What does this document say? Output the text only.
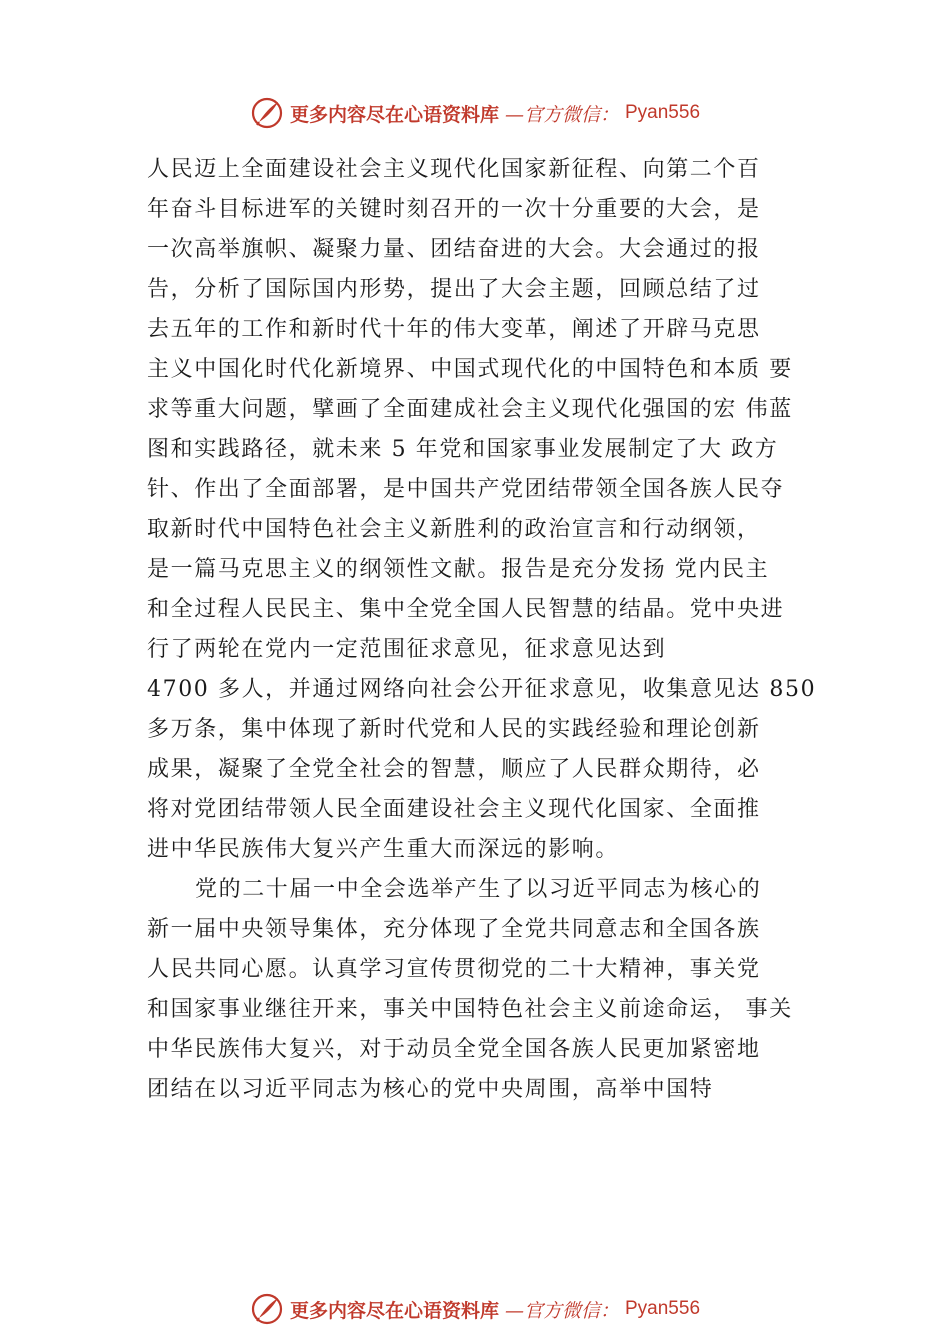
更多内容尽在心语资料库 —官方微信： Pyan556
人民迈上全面建设社会主义现代化国家新征程、向第二个百
年奋斗目标进军的关键时刻召开的一次十分重要的大会，是
一次高举旗帜、凝聚力量、团结奋进的大会。大会通过的报
告，分析了国际国内形势，提出了大会主题，回顾总结了过
去五年的工作和新时代十年的伟大变革，阐述了开辟马克思
主义中国化时代化新境界、中国式现代化的中国特色和本质 要
求等重大问题，擘画了全面建成社会主义现代化强国的宏 伟蓝
图和实践路径，就未来 5 年党和国家事业发展制定了大 政方
针、作出了全面部署，是中国共产党团结带领全国各族人民夺
取新时代中国特色社会主义新胜利的政治宣言和行动纲领，
是一篇马克思主义的纲领性文献。报告是充分发扬 党内民主
和全过程人民民主、集中全党全国人民智慧的结晶。党中央进
行了两轮在党内一定范围征求意见，征求意见达到
4700 多人，并通过网络向社会公开征求意见，收集意见达 850
多万条，集中体现了新时代党和人民的实践经验和理论创新
成果，凝聚了全党全社会的智慧，顺应了人民群众期待，必
将对党团结带领人民全面建设社会主义现代化国家、全面推
进中华民族伟大复兴产生重大而深远的影响。
党的二十届一中全会选举产生了以习近平同志为核心的
新一届中央领导集体，充分体现了全党共同意志和全国各族
人民共同心愿。认真学习宣传贯彻党的二十大精神，事关党
和国家事业继往开来，事关中国特色社会主义前途命运， 事关
中华民族伟大复兴，对于动员全党全国各族人民更加紧密地
团结在以习近平同志为核心的党中央周围，高举中国特
更多内容尽在心语资料库 —官方微信： Pyan556
